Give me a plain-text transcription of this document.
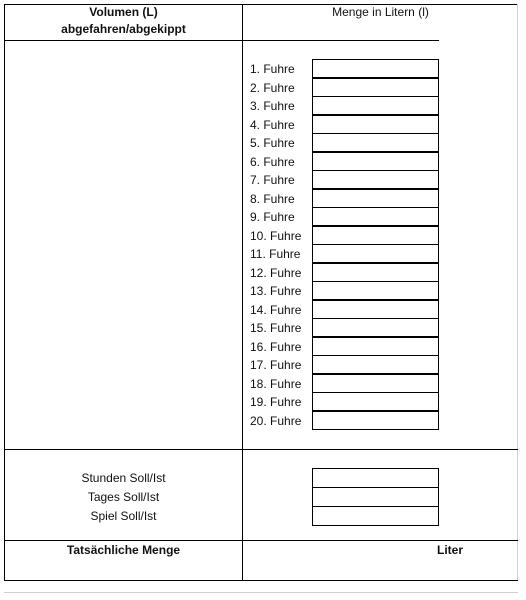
Volumen (L)
abgefahren/abgekippt
Menge in Litern (l)
1. Fuhre
2. Fuhre
3. Fuhre
4. Fuhre
5. Fuhre
6. Fuhre
7. Fuhre
8. Fuhre
9. Fuhre
10. Fuhre
11. Fuhre
12. Fuhre
13. Fuhre
14. Fuhre
15. Fuhre
16. Fuhre
17. Fuhre
18. Fuhre
19. Fuhre
20. Fuhre
Stunden Soll/Ist
Tages Soll/Ist
Spiel Soll/Ist
Tatsächliche Menge	Liter
